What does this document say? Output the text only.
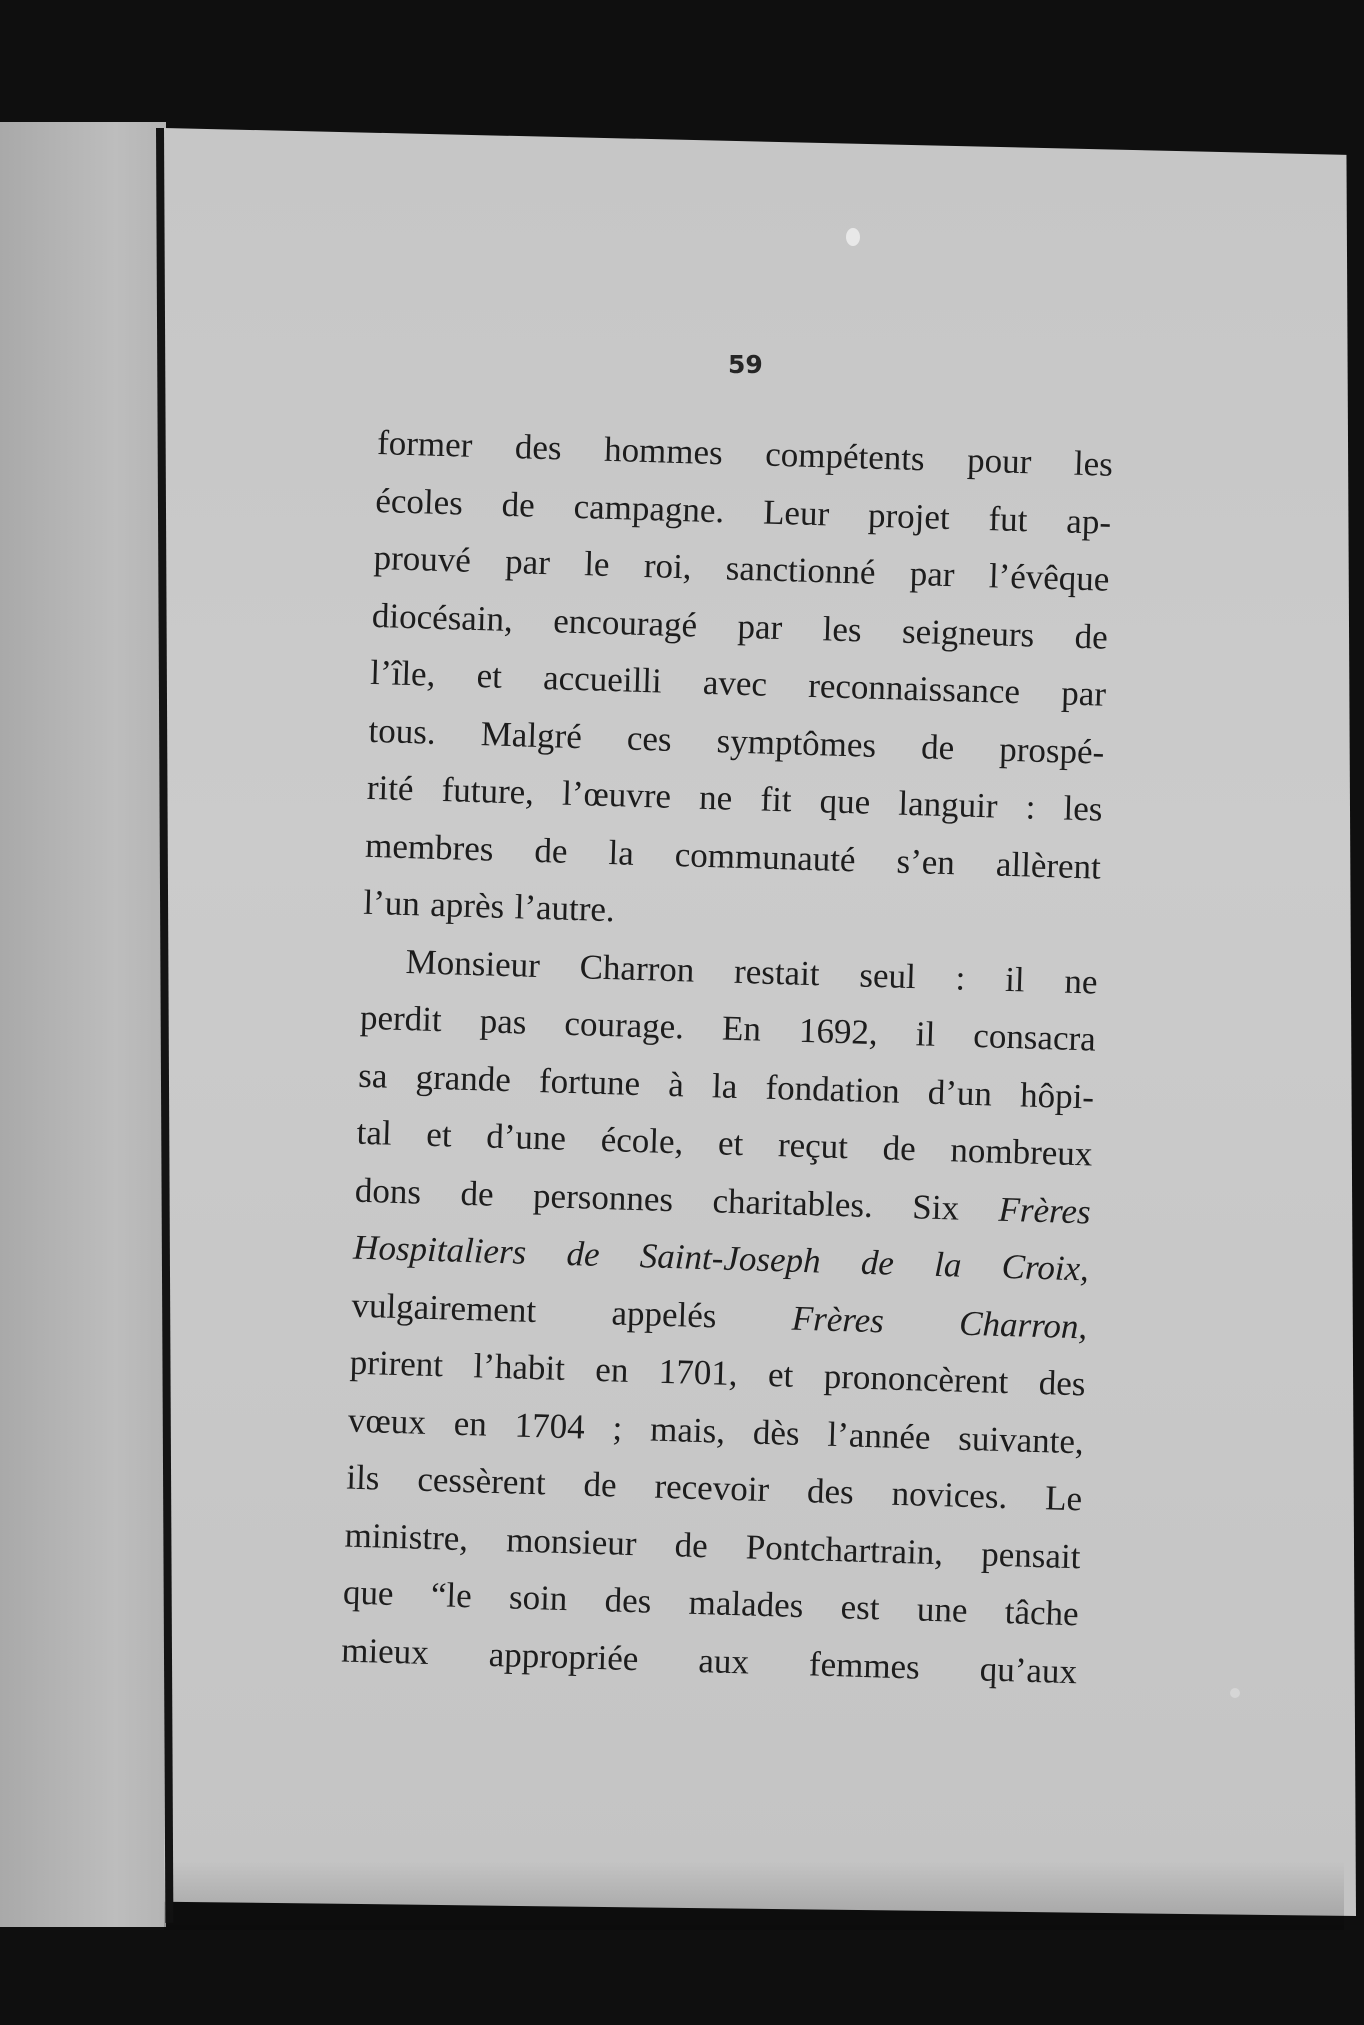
59
former des hommes compétents pour les
écoles de campagne. Leur projet fut ap-
prouvé par le roi, sanctionné par l’évêque
diocésain, encouragé par les seigneurs de
l’île, et accueilli avec reconnaissance par
tous. Malgré ces symptômes de prospé-
rité future, l’œuvre ne fit que languir : les
membres de la communauté s’en allèrent
l’un après l’autre.
Monsieur Charron restait seul : il ne
perdit pas courage. En 1692, il consacra
sa grande fortune à la fondation d’un hôpi-
tal et d’une école, et reçut de nombreux
dons de personnes charitables. Six Frères
Hospitaliers de Saint-Joseph de la Croix,
vulgairement appelés Frères Charron,
prirent l’habit en 1701, et prononcèrent des
vœux en 1704 ; mais, dès l’année suivante,
ils cessèrent de recevoir des novices. Le
ministre, monsieur de Pontchartrain, pensait
que “le soin des malades est une tâche
mieux appropriée aux femmes qu’aux
